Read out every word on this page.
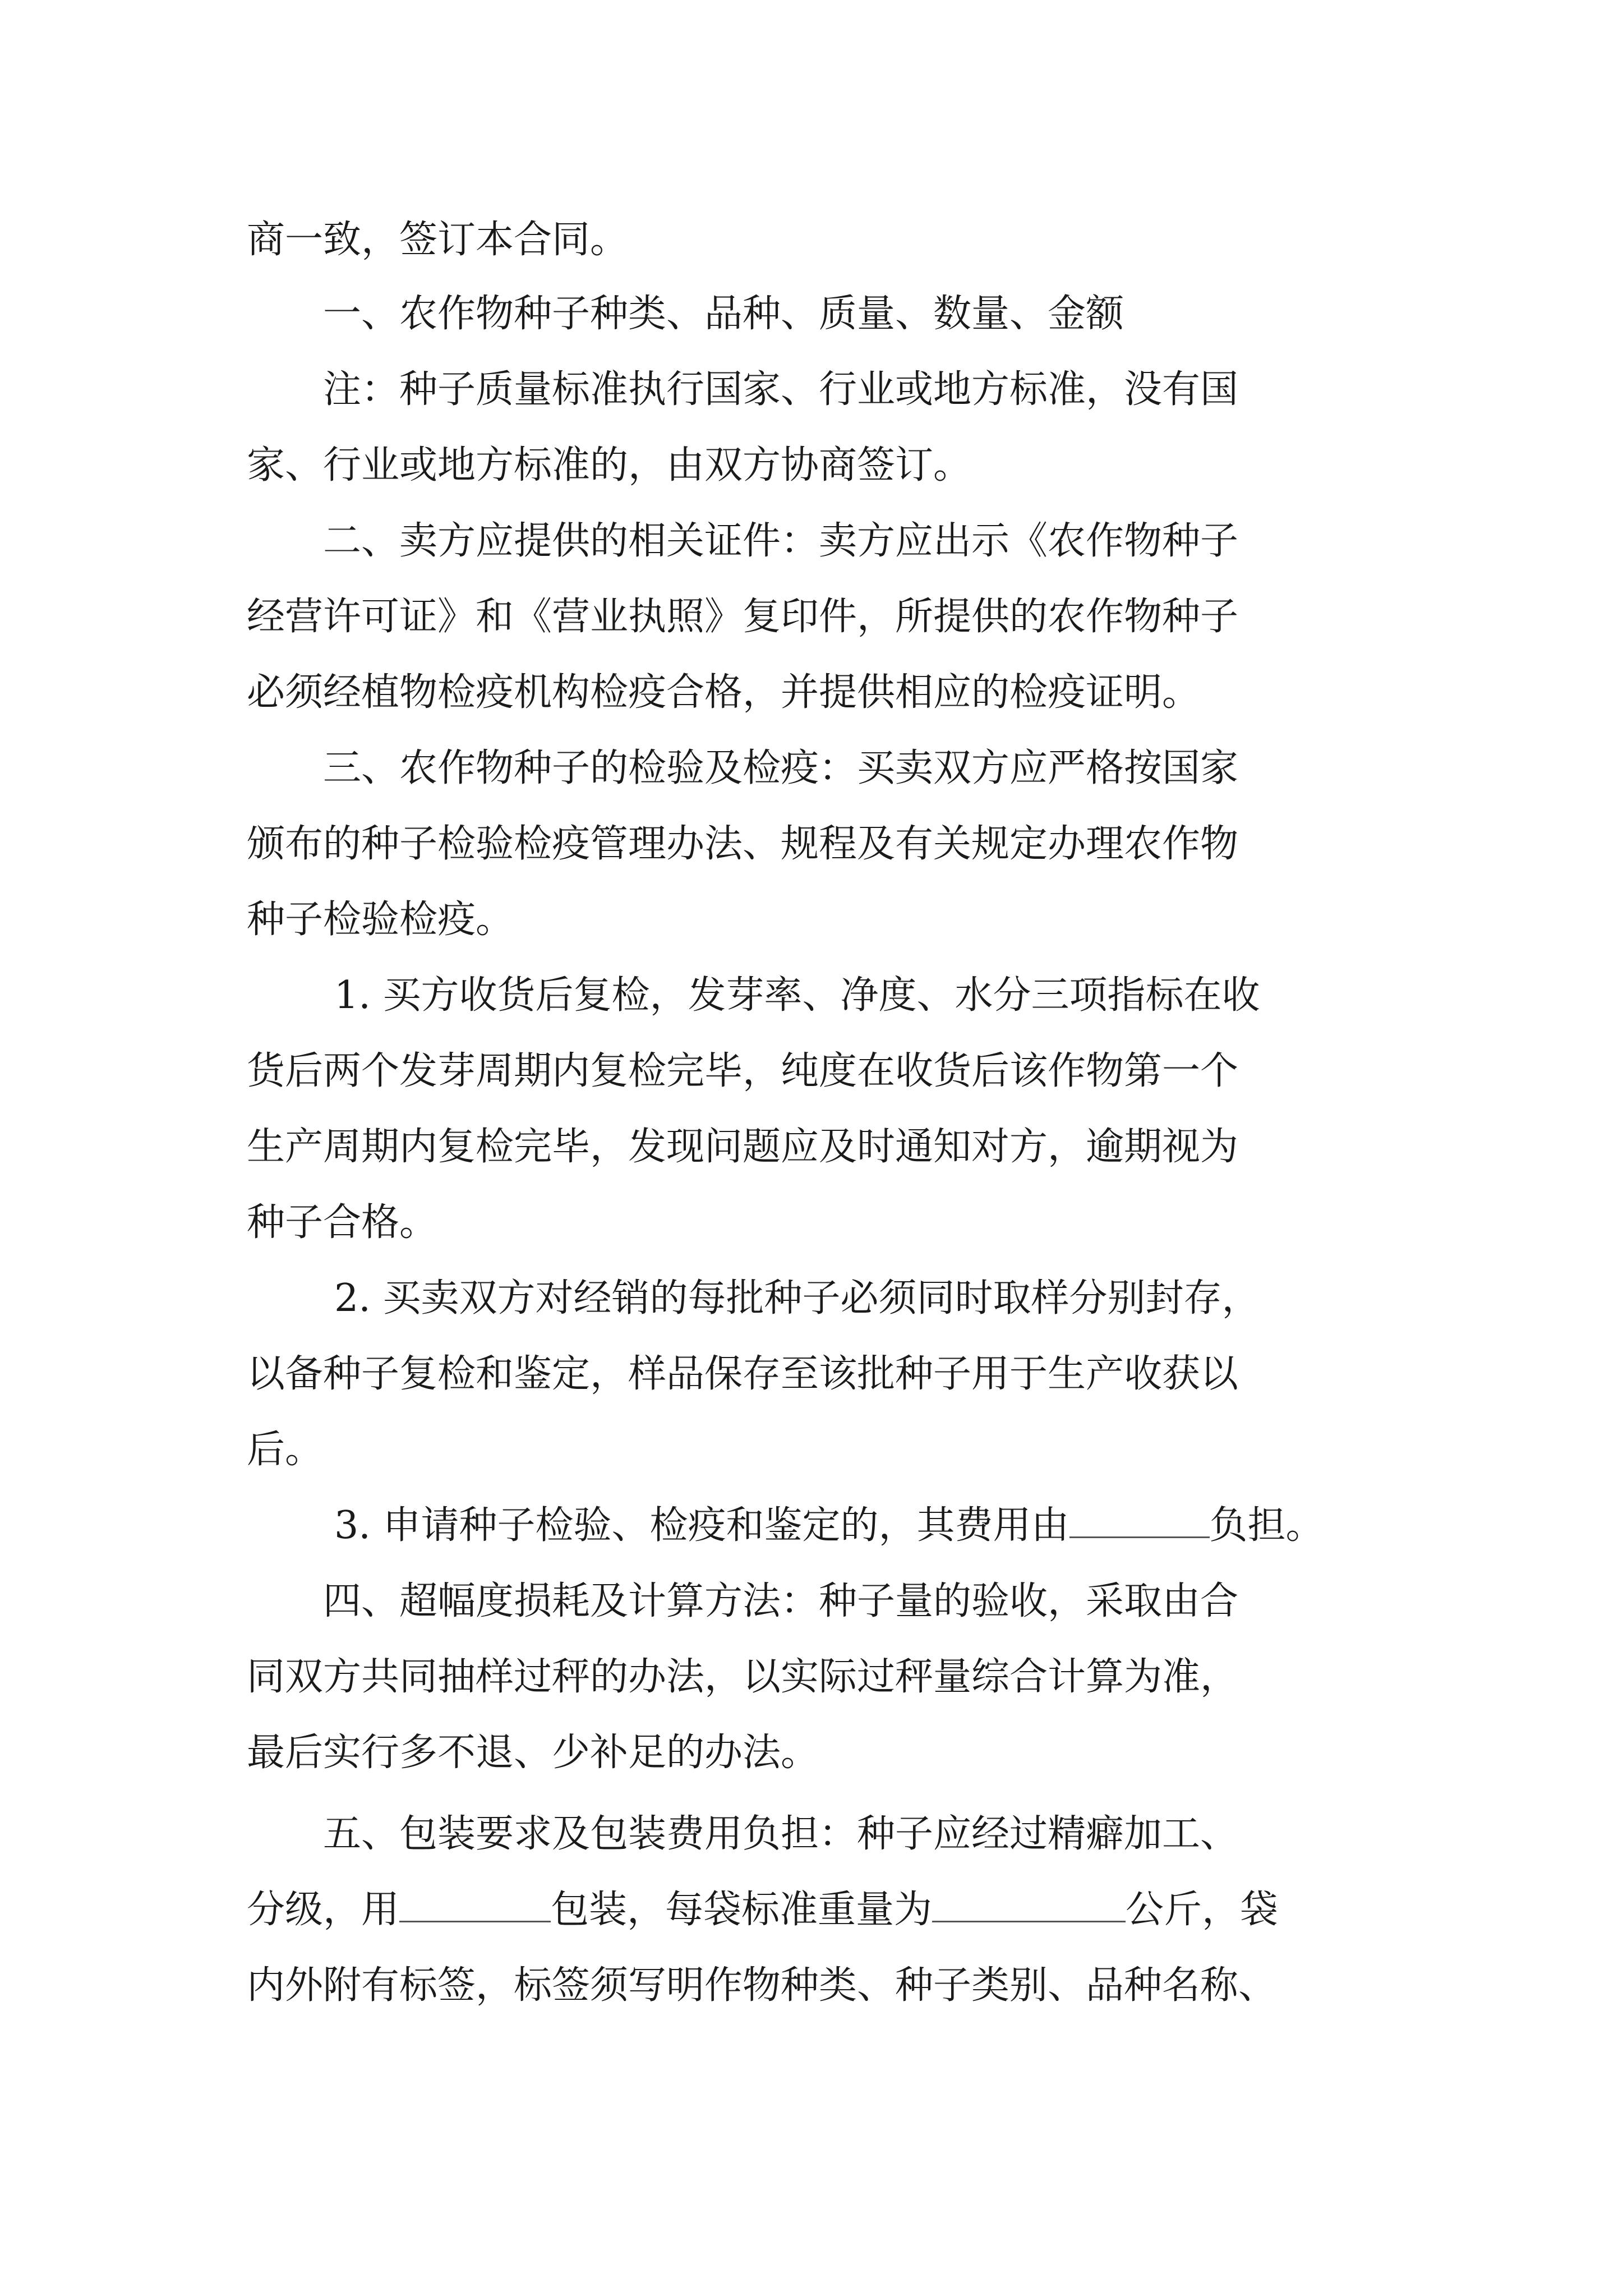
商一致，签订本合同。

一、农作物种子种类、品种、质量、数量、金额

注：种子质量标准执行国家、行业或地方标准，没有国

家、行业或地方标准的，由双方协商签订。

二、卖方应提供的相关证件：卖方应出示《农作物种子

经营许可证》和《营业执照》复印件，所提供的农作物种子

必须经植物检疫机构检疫合格，并提供相应的检疫证明。

三、农作物种子的检验及检疫：买卖双方应严格按国家

颁布的种子检验检疫管理办法、规程及有关规定办理农作物

种子检验检疫。

1. 买方收货后复检，发芽率、净度、水分三项指标在收

货后两个发芽周期内复检完毕，纯度在收货后该作物第一个

生产周期内复检完毕，发现问题应及时通知对方，逾期视为

种子合格。

2. 买卖双方对经销的每批种子必须同时取样分别封存，

以备种子复检和鉴定，样品保存至该批种子用于生产收获以

后。

3. 申请种子检验、检疫和鉴定的，其费用由	负担。

四、超幅度损耗及计算方法：种子量的验收，采取由合

同双方共同抽样过秤的办法，以实际过秤量综合计算为准，

最后实行多不退、少补足的办法。

五、包装要求及包装费用负担：种子应经过精癖加工、

分级，用	包装，每袋标准重量为	公斤，袋

内外附有标签，标签须写明作物种类、种子类别、品种名称、
